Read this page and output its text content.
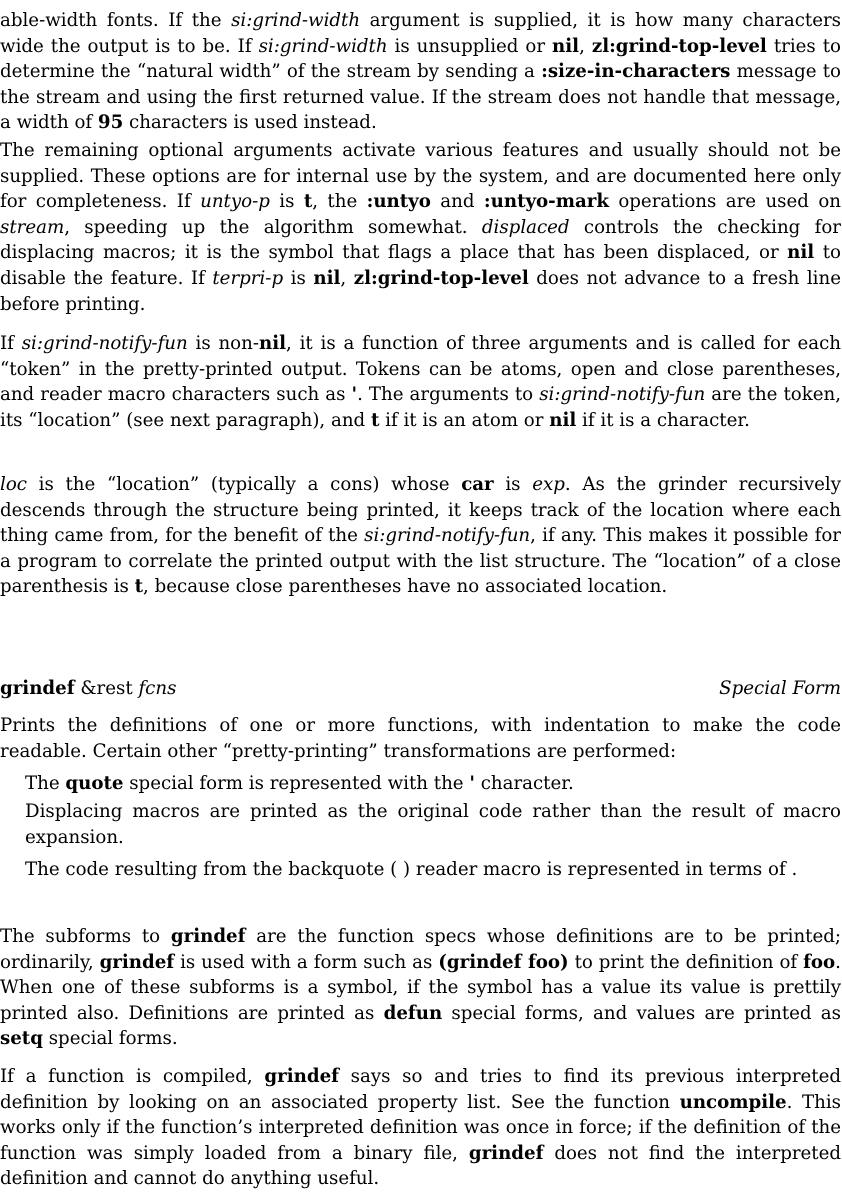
able-width fonts. If the si:grind-width argument is supplied, it is how many characters wide the output is to be. If si:grind-width is unsupplied or nil, zl:grind-top-level tries to determine the “natural width” of the stream by sending a :size-in-characters message to the stream and using the first returned value. If the stream does not handle that message, a width of 95 characters is used instead.

The remaining optional arguments activate various features and usually should not be supplied. These options are for internal use by the system, and are documented here only for completeness. If untyo-p is t, the :untyo and :untyo-mark operations are used on stream, speeding up the algorithm somewhat. displaced controls the checking for displacing macros; it is the symbol that flags a place that has been displaced, or nil to disable the feature. If terpri-p is nil, zl:grind-top-level does not advance to a fresh line before printing.

If si:grind-notify-fun is non-nil, it is a function of three arguments and is called for each “token” in the pretty-printed output. Tokens can be atoms, open and close parentheses, and reader macro characters such as '. The arguments to si:grind-notify-fun are the token, its “location” (see next paragraph), and t if it is an atom or nil if it is a character.

loc is the “location” (typically a cons) whose car is exp. As the grinder recursively descends through the structure being printed, it keeps track of the location where each thing came from, for the benefit of the si:grind-notify-fun, if any. This makes it possible for a program to correlate the printed output with the list structure. The “location” of a close parenthesis is t, because close parentheses have no associated location.

grindef &rest fcns	Special Form

Prints the definitions of one or more functions, with indentation to make the code readable. Certain other “pretty-printing” transformations are performed:

The quote special form is represented with the ' character.

Displacing macros are printed as the original code rather than the result of macro expansion.

The code resulting from the backquote ( ) reader macro is represented in terms of .

The subforms to grindef are the function specs whose definitions are to be printed; ordinarily, grindef is used with a form such as (grindef foo) to print the definition of foo. When one of these subforms is a symbol, if the symbol has a value its value is prettily printed also. Definitions are printed as defun special forms, and values are printed as setq special forms.

If a function is compiled, grindef says so and tries to find its previous interpreted definition by looking on an associated property list. See the function uncompile. This works only if the function’s interpreted definition was once in force; if the definition of the function was simply loaded from a binary file, grindef does not find the interpreted definition and cannot do anything useful.
